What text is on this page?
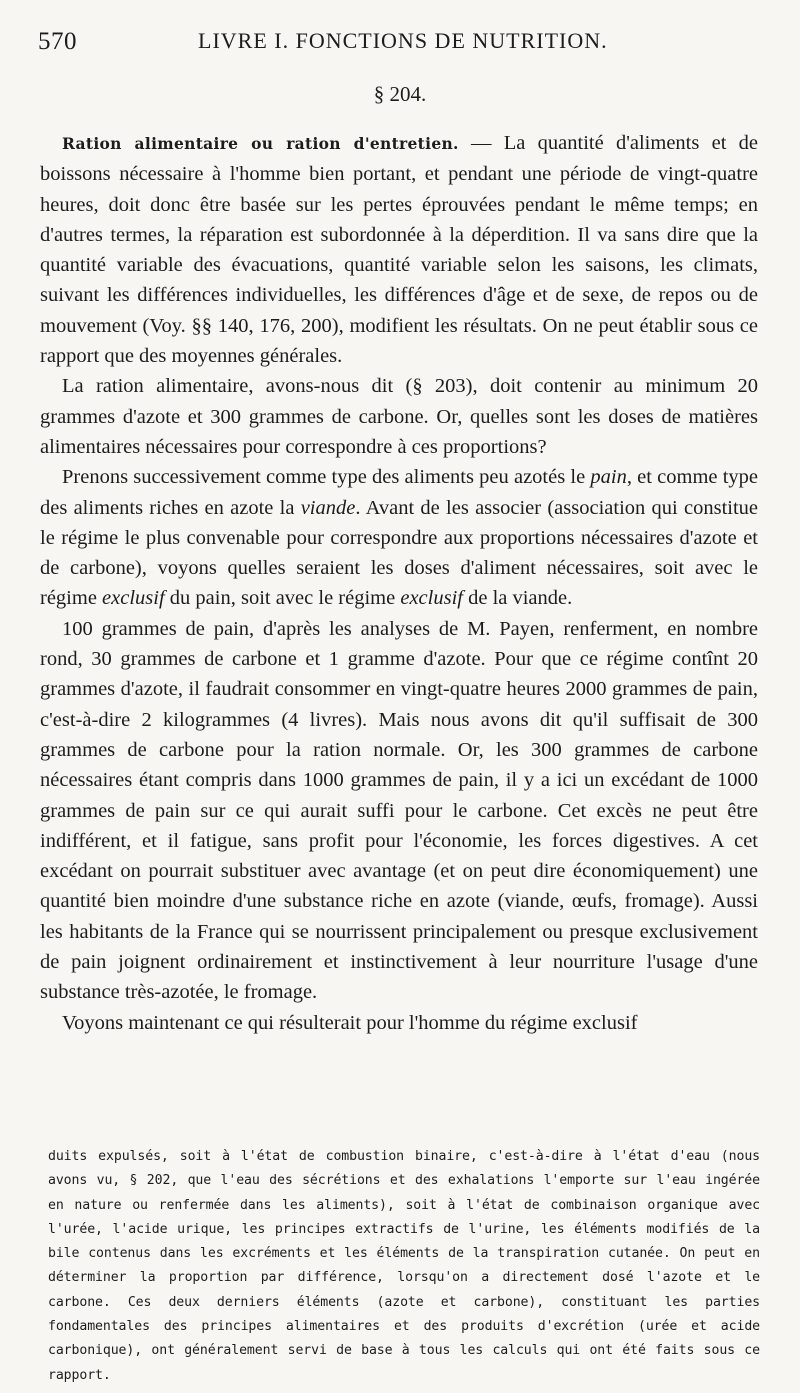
570	LIVRE I. FONCTIONS DE NUTRITION.
§ 204.

Ration alimentaire ou ration d'entretien. — La quantité d'aliments et de boissons nécessaire à l'homme bien portant, et pendant une période de vingt-quatre heures, doit donc être basée sur les pertes éprouvées pendant le même temps; en d'autres termes, la réparation est subordonnée à la déperdition. Il va sans dire que la quantité variable des évacuations, quantité variable selon les saisons, les climats, suivant les différences individuelles, les différences d'âge et de sexe, de repos ou de mouvement (Voy. §§ 140, 176, 200), modifient les résultats. On ne peut établir sous ce rapport que des moyennes générales.

La ration alimentaire, avons-nous dit (§ 203), doit contenir au minimum 20 grammes d'azote et 300 grammes de carbone. Or, quelles sont les doses de matières alimentaires nécessaires pour correspondre à ces proportions?

Prenons successivement comme type des aliments peu azotés le pain, et comme type des aliments riches en azote la viande. Avant de les associer (association qui constitue le régime le plus convenable pour correspondre aux proportions nécessaires d'azote et de carbone), voyons quelles seraient les doses d'aliment nécessaires, soit avec le régime exclusif du pain, soit avec le régime exclusif de la viande.

100 grammes de pain, d'après les analyses de M. Payen, renferment, en nombre rond, 30 grammes de carbone et 1 gramme d'azote. Pour que ce régime contînt 20 grammes d'azote, il faudrait consommer en vingt-quatre heures 2000 grammes de pain, c'est-à-dire 2 kilogrammes (4 livres). Mais nous avons dit qu'il suffisait de 300 grammes de carbone pour la ration normale. Or, les 300 grammes de carbone nécessaires étant compris dans 1000 grammes de pain, il y a ici un excédant de 1000 grammes de pain sur ce qui aurait suffi pour le carbone. Cet excès ne peut être indifférent, et il fatigue, sans profit pour l'économie, les forces digestives. A cet excédant on pourrait substituer avec avantage (et on peut dire économiquement) une quantité bien moindre d'une substance riche en azote (viande, œufs, fromage). Aussi les habitants de la France qui se nourrissent principalement ou presque exclusivement de pain joignent ordinairement et instinctivement à leur nourriture l'usage d'une substance très-azotée, le fromage.

Voyons maintenant ce qui résulterait pour l'homme du régime exclusif

duits expulsés, soit à l'état de combustion binaire, c'est-à-dire à l'état d'eau (nous avons vu, § 202, que l'eau des sécrétions et des exhalations l'emporte sur l'eau ingérée en nature ou renfermée dans les aliments), soit à l'état de combinaison organique avec l'urée, l'acide urique, les principes extractifs de l'urine, les éléments modifiés de la bile contenus dans les excréments et les éléments de la transpiration cutanée. On peut en déterminer la proportion par différence, lorsqu'on a directement dosé l'azote et le carbone. Ces deux derniers éléments (azote et carbone), constituant les parties fondamentales des principes alimentaires et des produits d'excrétion (urée et acide carbonique), ont généralement servi de base à tous les calculs qui ont été faits sous ce rapport.
